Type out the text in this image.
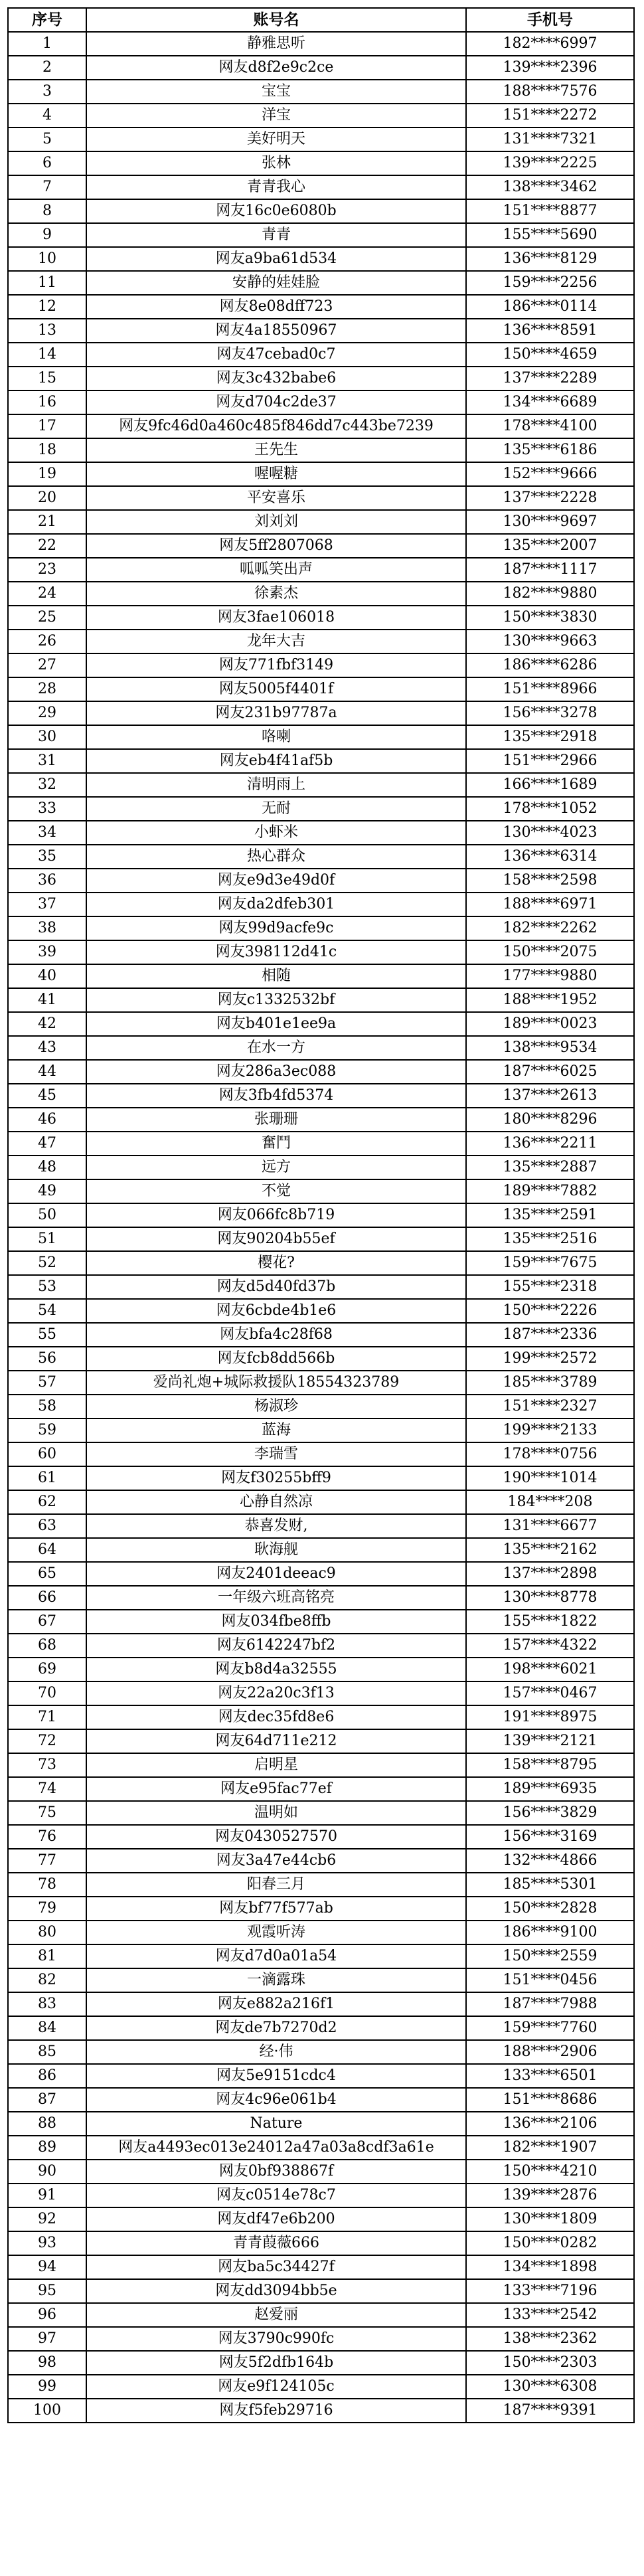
序号	账号名	手机号
1	静雅思听	182****6997
2	网友d8f2e9c2ce	139****2396
3	宝宝	188****7576
4	洋宝	151****2272
5	美好明天	131****7321
6	张林	139****2225
7	青青我心	138****3462
8	网友16c0e6080b	151****8877
9	青青	155****5690
10	网友a9ba61d534	136****8129
11	安静的娃娃脸	159****2256
12	网友8e08dff723	186****0114
13	网友4a18550967	136****8591
14	网友47cebad0c7	150****4659
15	网友3c432babe6	137****2289
16	网友d704c2de37	134****6689
17	网友9fc46d0a460c485f846dd7c443be7239	178****4100
18	王先生	135****6186
19	喔喔糖	152****9666
20	平安喜乐	137****2228
21	刘刘刘	130****9697
22	网友5ff2807068	135****2007
23	呱呱笑出声	187****1117
24	徐素杰	182****9880
25	网友3fae106018	150****3830
26	龙年大吉	130****9663
27	网友771fbf3149	186****6286
28	网友5005f4401f	151****8966
29	网友231b97787a	156****3278
30	咯喇	135****2918
31	网友eb4f41af5b	151****2966
32	清明雨上	166****1689
33	无耐	178****1052
34	小虾米	130****4023
35	热心群众	136****6314
36	网友e9d3e49d0f	158****2598
37	网友da2dfeb301	188****6971
38	网友99d9acfe9c	182****2262
39	网友398112d41c	150****2075
40	相随	177****9880
41	网友c1332532bf	188****1952
42	网友b401e1ee9a	189****0023
43	在水一方	138****9534
44	网友286a3ec088	187****6025
45	网友3fb4fd5374	137****2613
46	张珊珊	180****8296
47	奮鬥	136****2211
48	远方	135****2887
49	不觉	189****7882
50	网友066fc8b719	135****2591
51	网友90204b55ef	135****2516
52	樱花?	159****7675
53	网友d5d40fd37b	155****2318
54	网友6cbde4b1e6	150****2226
55	网友bfa4c28f68	187****2336
56	网友fcb8dd566b	199****2572
57	爱尚礼炮+城际救援队18554323789	185****3789
58	杨淑珍	151****2327
59	蓝海	199****2133
60	李瑞雪	178****0756
61	网友f30255bff9	190****1014
62	心静自然凉	184****208
63	恭喜发财,	131****6677
64	耿海舰	135****2162
65	网友2401deeac9	137****2898
66	一年级六班高铭亮	130****8778
67	网友034fbe8ffb	155****1822
68	网友6142247bf2	157****4322
69	网友b8d4a32555	198****6021
70	网友22a20c3f13	157****0467
71	网友dec35fd8e6	191****8975
72	网友64d711e212	139****2121
73	启明星	158****8795
74	网友e95fac77ef	189****6935
75	温明如	156****3829
76	网友0430527570	156****3169
77	网友3a47e44cb6	132****4866
78	阳春三月	185****5301
79	网友bf77f577ab	150****2828
80	观霞听涛	186****9100
81	网友d7d0a01a54	150****2559
82	一滴露珠	151****0456
83	网友e882a216f1	187****7988
84	网友de7b7270d2	159****7760
85	经·伟	188****2906
86	网友5e9151cdc4	133****6501
87	网友4c96e061b4	151****8686
88	Nature	136****2106
89	网友a4493ec013e24012a47a03a8cdf3a61e	182****1907
90	网友0bf938867f	150****4210
91	网友c0514e78c7	139****2876
92	网友df47e6b200	130****1809
93	青青葭薇666	150****0282
94	网友ba5c34427f	134****1898
95	网友dd3094bb5e	133****7196
96	赵爱丽	133****2542
97	网友3790c990fc	138****2362
98	网友5f2dfb164b	150****2303
99	网友e9f124105c	130****6308
100	网友f5feb29716	187****9391
